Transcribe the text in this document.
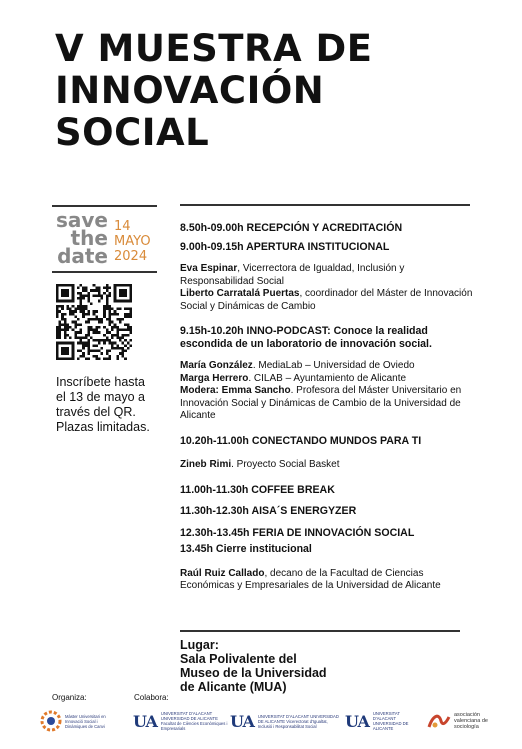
V MUESTRA DE
INNOVACIÓN
SOCIAL
save
the
date
14
MAYO
2024
Inscríbete hasta
el 13 de mayo a
través del QR.
Plazas limitadas.

8.50h-09.00h RECEPCIÓN Y ACREDITACIÓN

9.00h-09.15h APERTURA INSTITUCIONAL

Eva Espinar, Vicerrectora de Igualdad, Inclusión y Responsabilidad Social

Liberto Carratalá Puertas, coordinador del Máster de Innovación Social y Dinámicas de Cambio

9.15h-10.20h INNO-PODCAST: Conoce la realidad escondida de un laboratorio de innovación social.

María González. MediaLab – Universidad de Oviedo

Marga Herrero. CILAB – Ayuntamiento de Alicante

Modera: Emma Sancho. Profesora del Máster Universitario en Innovación Social y Dinámicas de Cambio de la Universidad de Alicante

10.20h-11.00h CONECTANDO MUNDOS PARA TI

Zineb Rimi. Proyecto Social Basket

11.00h-11.30h COFFEE BREAK

11.30h-12.30h AISA´S ENERGYZER

12.30h-13.45h FERIA DE INNOVACIÓN SOCIAL

13.45h Cierre institucional

Raúl Ruiz Callado, decano de la Facultad de Ciencias Económicas y Empresariales de la Universidad de Alicante

Lugar:
Sala Polivalente del
Museo de la Universidad
de Alicante (MUA)
Organiza:	Colabora:
Màster Universitari en Innovació Social i Dinàmiques de Canvi	UA UNIVERSITAT D'ALACANT UNIVERSIDAD DE ALICANTE Facultat de Ciències Econòmiques i Empresarials	UA UNIVERSITAT D'ALACANT UNIVERSIDAD DE ALICANTE Vicerectorat d'Igualtat, Inclusió i Responsabilitat Social	UA UNIVERSITAT D'ALACANT UNIVERSIDAD DE ALICANTE
asociación valenciana de sociología
